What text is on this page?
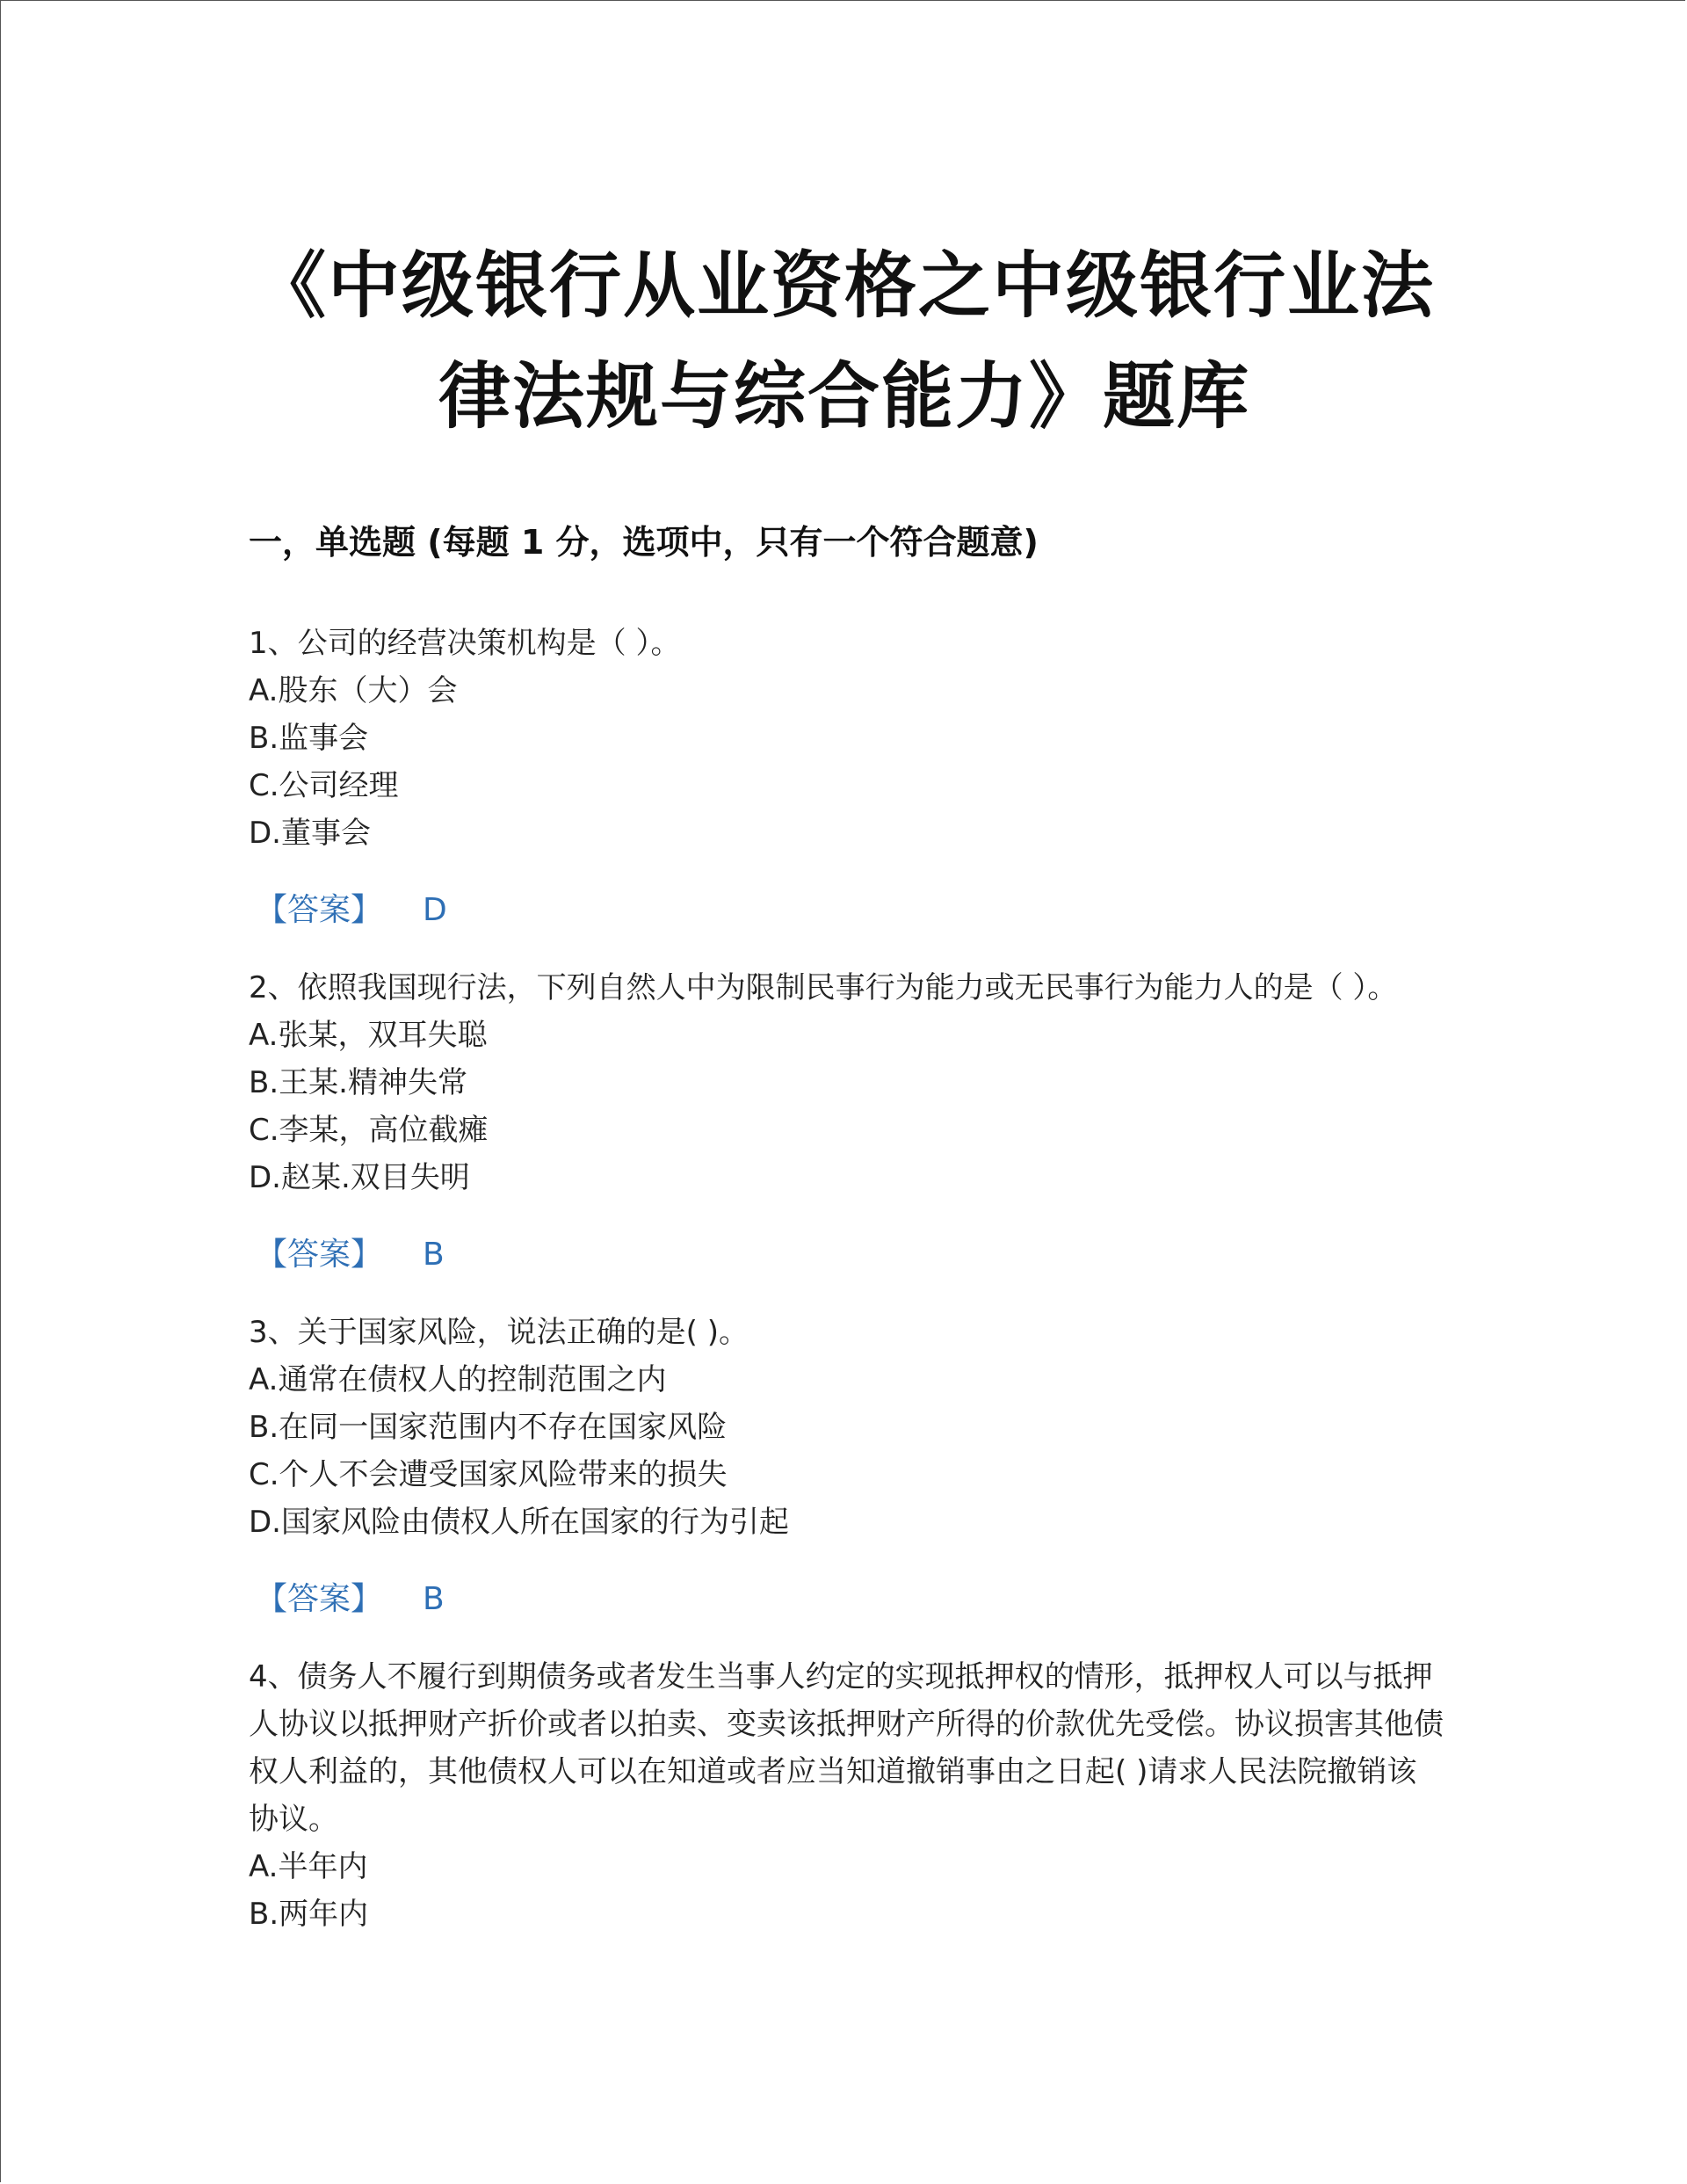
《中级银行从业资格之中级银行业法律法规与综合能力》题库
一，单选题 (每题 1 分，选项中，只有一个符合题意)

1、公司的经营决策机构是（ ）。

A.股东（大）会

B.监事会

C.公司经理

D.董事会

【答案】 D

2、依照我国现行法，下列自然人中为限制民事行为能力或无民事行为能力人的是（ ）。

A.张某，双耳失聪

B.王某.精神失常

C.李某，高位截瘫

D.赵某.双目失明

【答案】 B

3、关于国家风险，说法正确的是( )。

A.通常在债权人的控制范围之内

B.在同一国家范围内不存在国家风险

C.个人不会遭受国家风险带来的损失

D.国家风险由债权人所在国家的行为引起

【答案】 B

4、债务人不履行到期债务或者发生当事人约定的实现抵押权的情形，抵押权人可以与抵押人协议以抵押财产折价或者以拍卖、变卖该抵押财产所得的价款优先受偿。协议损害其他债权人利益的，其他债权人可以在知道或者应当知道撤销事由之日起( )请求人民法院撤销该协议。

A.半年内

B.两年内
